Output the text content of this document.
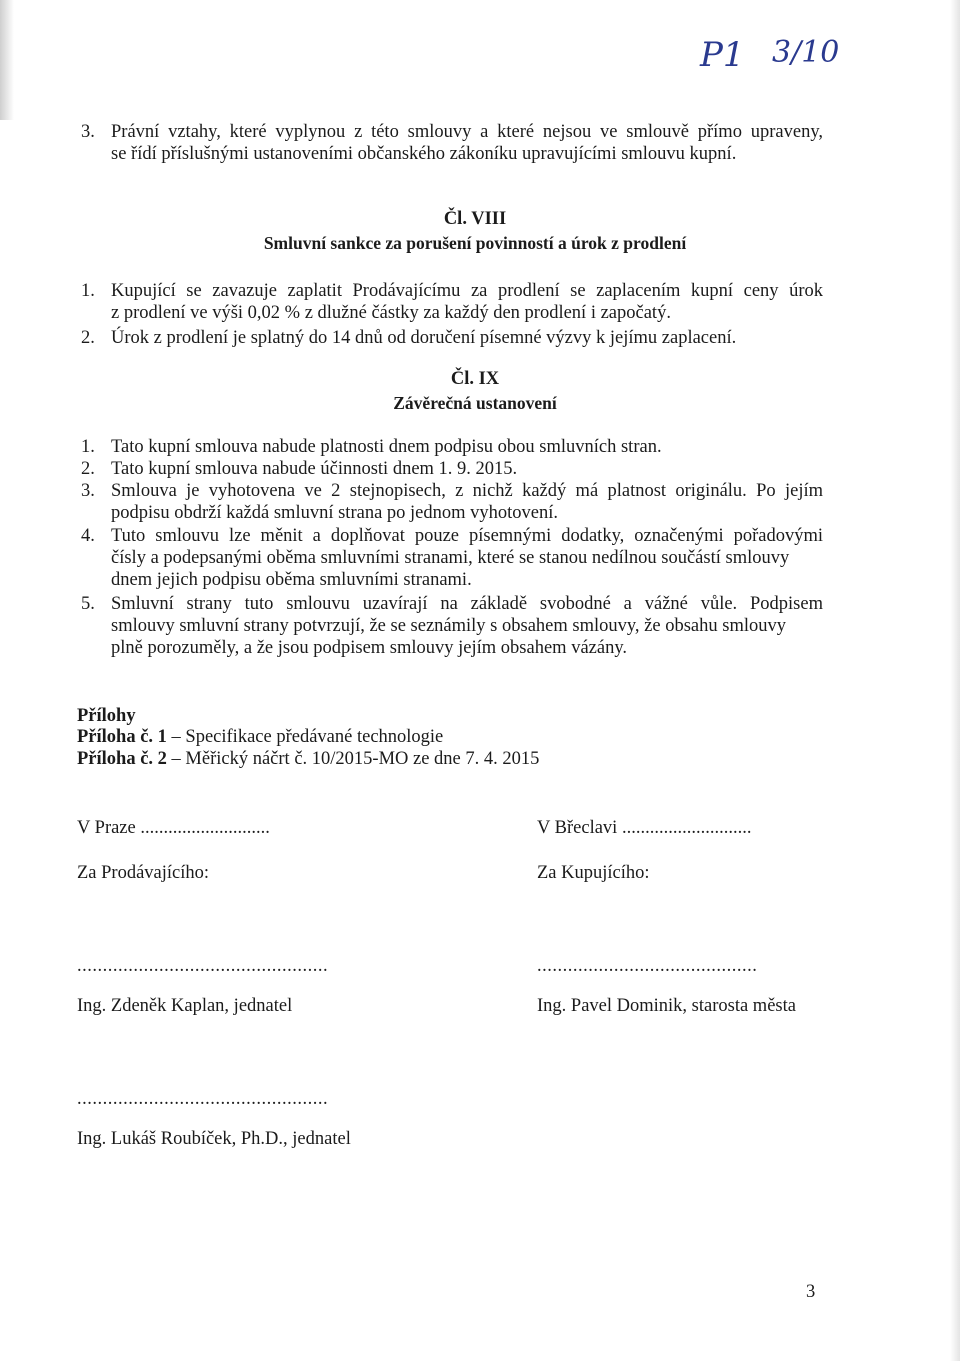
P1 3/10
3. Právní vztahy, které vyplynou z této smlouvy a které nejsou ve smlouvě přímo upraveny,
se řídí příslušnými ustanoveními občanského zákoníku upravujícími smlouvu kupní.
Čl. VIII
Smluvní sankce za porušení povinností a úrok z prodlení
1. Kupující se zavazuje zaplatit Prodávajícímu za prodlení se zaplacením kupní ceny úrok
z prodlení ve výši 0,02 % z dlužné částky za každý den prodlení i započatý.
2. Úrok z prodlení je splatný do 14 dnů od doručení písemné výzvy k jejímu zaplacení.
Čl. IX
Závěrečná ustanovení
1. Tato kupní smlouva nabude platnosti dnem podpisu obou smluvních stran.
2. Tato kupní smlouva nabude účinnosti dnem 1. 9. 2015.
3. Smlouva je vyhotovena ve 2 stejnopisech, z nichž každý má platnost originálu. Po jejím
podpisu obdrží každá smluvní strana po jednom vyhotovení.
4. Tuto smlouvu lze měnit a doplňovat pouze písemnými dodatky, označenými pořadovými
čísly a podepsanými oběma smluvními stranami, které se stanou nedílnou součástí smlouvy
dnem jejich podpisu oběma smluvními stranami.
5. Smluvní strany tuto smlouvu uzavírají na základě svobodné a vážné vůle. Podpisem
smlouvy smluvní strany potvrzují, že se seznámily s obsahem smlouvy, že obsahu smlouvy
plně porozuměly, a že jsou podpisem smlouvy jejím obsahem vázány.
Přílohy
Příloha č. 1 – Specifikace předávané technologie
Příloha č. 2 – Měřický náčrt č. 10/2015-MO ze dne 7. 4. 2015
V Praze ............................	V Břeclavi ............................
Za Prodávajícího:	Za Kupujícího:
.................................................	...........................................
Ing. Zdeněk Kaplan, jednatel	Ing. Pavel Dominik, starosta města
.................................................
Ing. Lukáš Roubíček, Ph.D., jednatel
3
